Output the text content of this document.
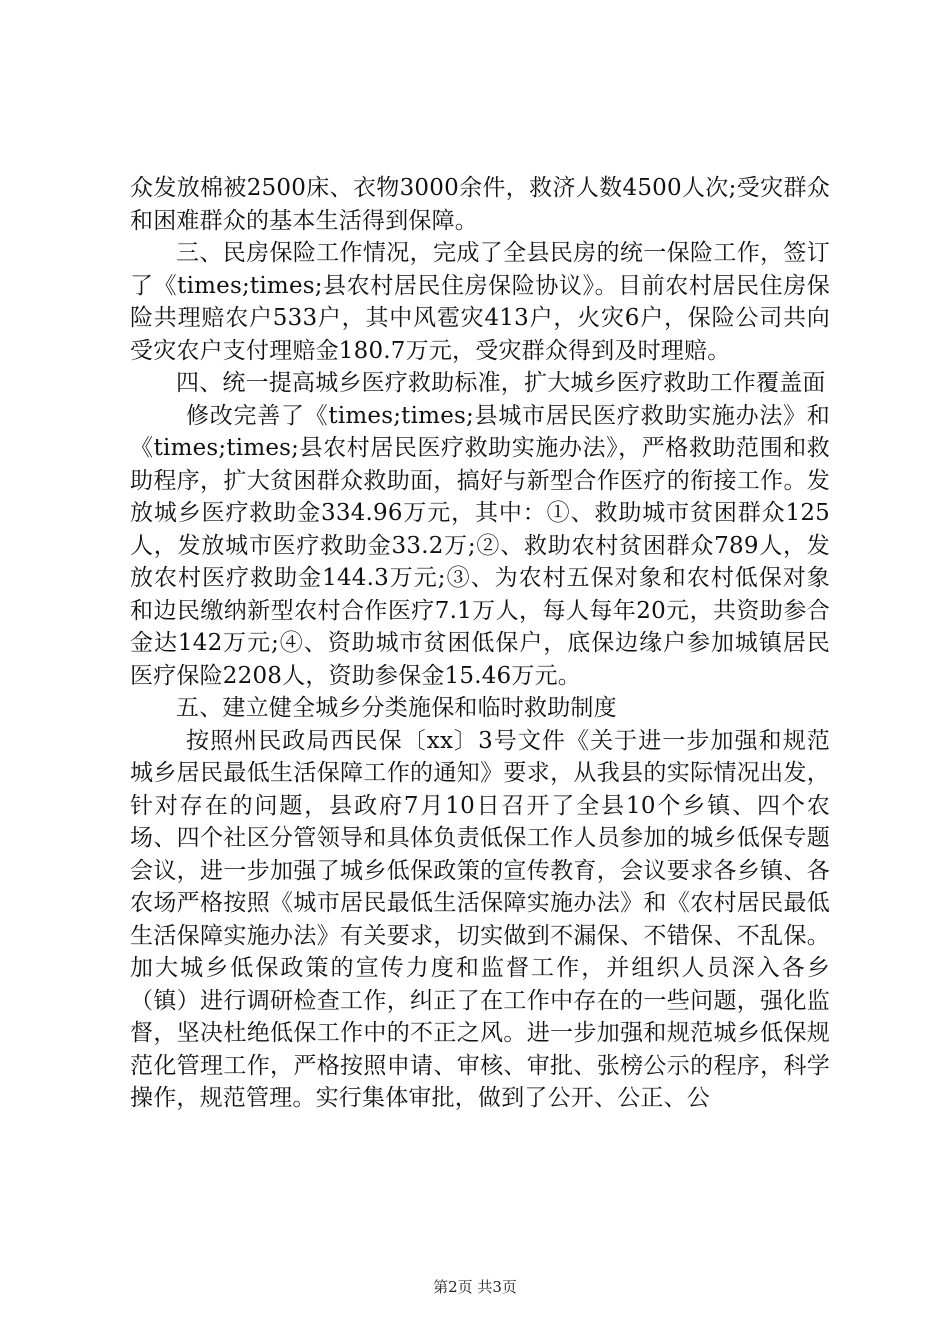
众发放棉被2500床、衣物3000余件，救济人数4500人次;受灾群众和困难群众的基本生活得到保障。

三、民房保险工作情况，完成了全县民房的统一保险工作，签订了《times;times;县农村居民住房保险协议》。目前农村居民住房保险共理赔农户533户，其中风雹灾413户，火灾6户，保险公司共向受灾农户支付理赔金180.7万元，受灾群众得到及时理赔。

四、统一提高城乡医疗救助标准，扩大城乡医疗救助工作覆盖面

修改完善了《times;times;县城市居民医疗救助实施办法》和《times;times;县农村居民医疗救助实施办法》，严格救助范围和救助程序，扩大贫困群众救助面，搞好与新型合作医疗的衔接工作。发放城乡医疗救助金334.96万元，其中：①、救助城市贫困群众125人，发放城市医疗救助金33.2万;②、救助农村贫困群众789人，发放农村医疗救助金144.3万元;③、为农村五保对象和农村低保对象和边民缴纳新型农村合作医疗7.1万人，每人每年20元，共资助参合金达142万元;④、资助城市贫困低保户，底保边缘户参加城镇居民医疗保险2208人，资助参保金15.46万元。

五、建立健全城乡分类施保和临时救助制度

按照州民政局西民保〔xx〕3号文件《关于进一步加强和规范城乡居民最低生活保障工作的通知》要求，从我县的实际情况出发，针对存在的问题，县政府7月10日召开了全县10个乡镇、四个农场、四个社区分管领导和具体负责低保工作人员参加的城乡低保专题会议，进一步加强了城乡低保政策的宣传教育，会议要求各乡镇、各农场严格按照《城市居民最低生活保障实施办法》和《农村居民最低生活保障实施办法》有关要求，切实做到不漏保、不错保、不乱保。加大城乡低保政策的宣传力度和监督工作，并组织人员深入各乡（镇）进行调研检查工作，纠正了在工作中存在的一些问题，强化监督，坚决杜绝低保工作中的不正之风。进一步加强和规范城乡低保规范化管理工作，严格按照申请、审核、审批、张榜公示的程序，科学操作，规范管理。实行集体审批，做到了公开、公正、公

第2页 共3页
